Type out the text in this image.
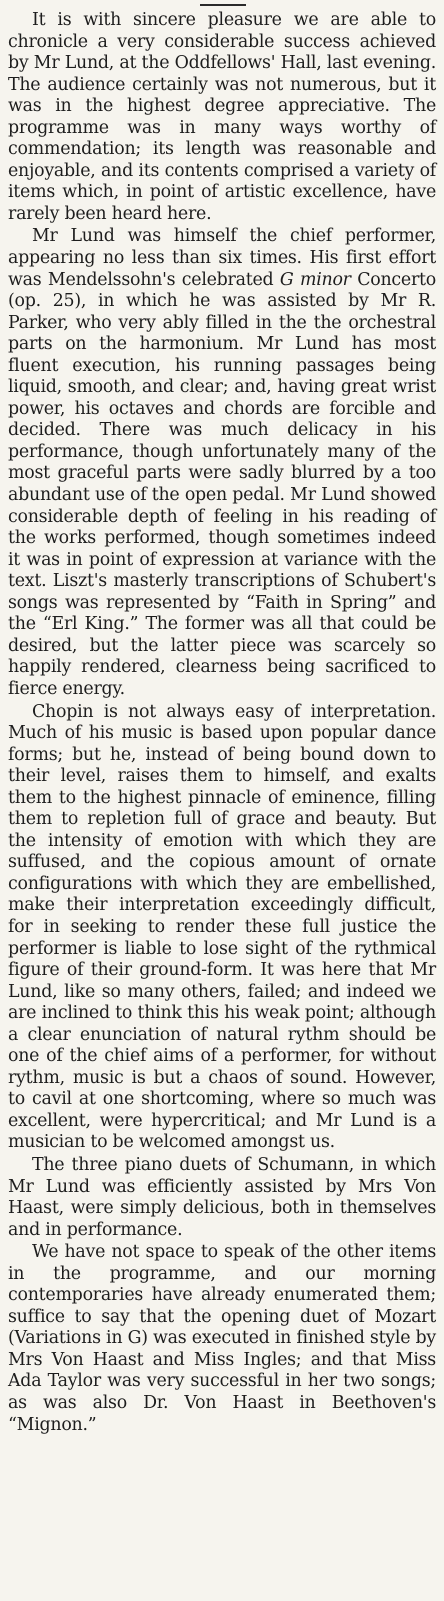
It is with sincere pleasure we are able to chronicle a very considerable success achieved by Mr Lund, at the Oddfellows' Hall, last evening. The audience certainly was not numerous, but it was in the highest degree appreciative. The programme was in many ways worthy of commendation; its length was reasonable and enjoyable, and its contents comprised a variety of items which, in point of artistic excellence, have rarely been heard here.

Mr Lund was himself the chief performer, appearing no less than six times. His first effort was Mendelssohn's celebrated G minor Concerto (op. 25), in which he was assisted by Mr R. Parker, who very ably filled in the the orchestral parts on the harmonium. Mr Lund has most fluent execution, his running passages being liquid, smooth, and clear; and, having great wrist power, his octaves and chords are forcible and decided. There was much delicacy in his performance, though unfortunately many of the most graceful parts were sadly blurred by a too abundant use of the open pedal. Mr Lund showed considerable depth of feeling in his reading of the works performed, though sometimes indeed it was in point of expression at variance with the text. Liszt's masterly transcriptions of Schubert's songs was represented by “Faith in Spring” and the “Erl King.” The former was all that could be desired, but the latter piece was scarcely so happily rendered, clearness being sacrificed to fierce energy.

Chopin is not always easy of interpretation. Much of his music is based upon popular dance forms; but he, instead of being bound down to their level, raises them to himself, and exalts them to the highest pinnacle of eminence, filling them to repletion full of grace and beauty. But the intensity of emotion with which they are suffused, and the copious amount of ornate configurations with which they are embellished, make their interpretation exceedingly difficult, for in seeking to render these full justice the performer is liable to lose sight of the rythmical figure of their ground-form. It was here that Mr Lund, like so many others, failed; and indeed we are inclined to think this his weak point; although a clear enunciation of natural rythm should be one of the chief aims of a performer, for without rythm, music is but a chaos of sound. However, to cavil at one shortcoming, where so much was excellent, were hypercritical; and Mr Lund is a musician to be welcomed amongst us.

The three piano duets of Schumann, in which Mr Lund was efficiently assisted by Mrs Von Haast, were simply delicious, both in themselves and in performance.

We have not space to speak of the other items in the programme, and our morning contemporaries have already enumerated them; suffice to say that the opening duet of Mozart (Variations in G) was executed in finished style by Mrs Von Haast and Miss Ingles; and that Miss Ada Taylor was very successful in her two songs; as was also Dr. Von Haast in Beethoven's “Mignon.”
